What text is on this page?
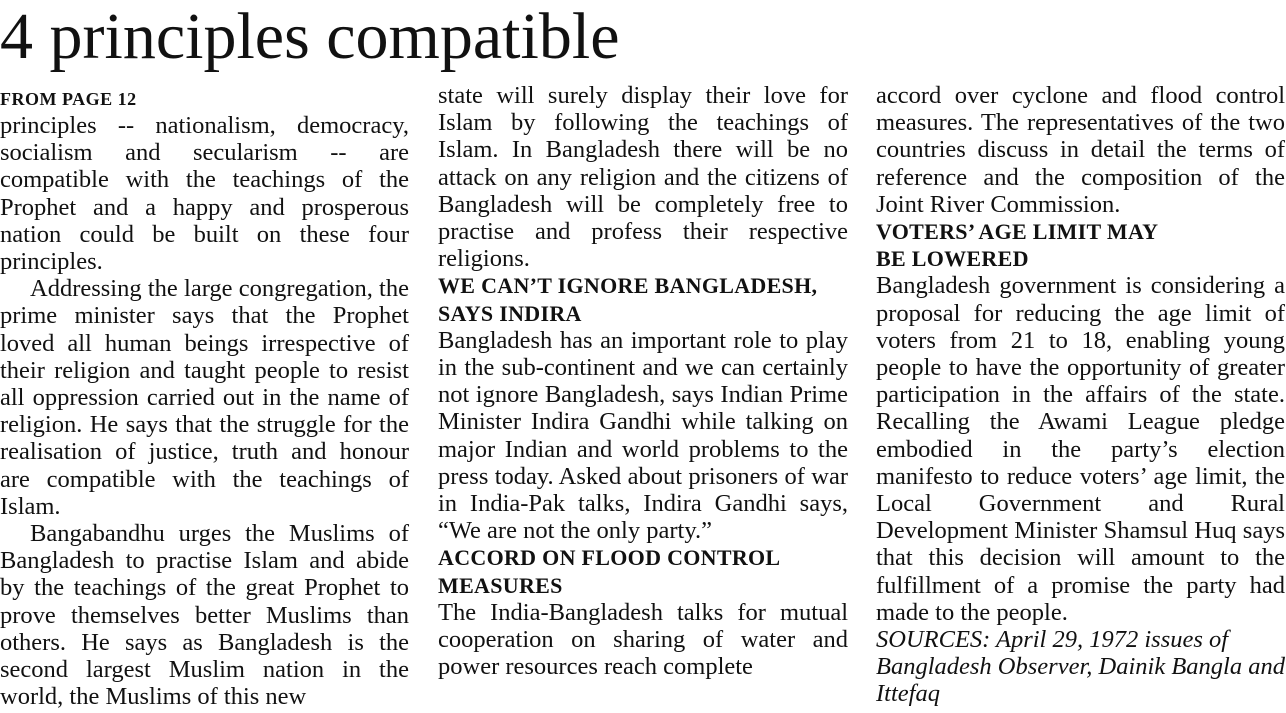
4 principles compatible
FROM PAGE 12

principles -- nationalism, democracy, socialism and secularism -- are compatible with the teachings of the Prophet and a happy and prosperous nation could be built on these four principles.

Addressing the large congregation, the prime minister says that the Prophet loved all human beings irrespective of their religion and taught people to resist all oppression carried out in the name of religion. He says that the struggle for the realisation of justice, truth and honour are compatible with the teachings of Islam.

Bangabandhu urges the Muslims of Bangladesh to practise Islam and abide by the teachings of the great Prophet to prove themselves better Muslims than others. He says as Bangladesh is the second largest Muslim nation in the world, the Muslims of this new

state will surely display their love for Islam by following the teachings of Islam. In Bangladesh there will be no attack on any religion and the citizens of Bangladesh will be completely free to practise and profess their respective religions.

WE CAN’T IGNORE BANGLADESH,
SAYS INDIRA

Bangladesh has an important role to play in the sub-continent and we can certainly not ignore Bangladesh, says Indian Prime Minister Indira Gandhi while talking on major Indian and world problems to the press today. Asked about prisoners of war in India-Pak talks, Indira Gandhi says, “We are not the only party.”

ACCORD ON FLOOD CONTROL
MEASURES

The India-Bangladesh talks for mutual cooperation on sharing of water and power resources reach complete

accord over cyclone and flood control measures. The representatives of the two countries discuss in detail the terms of reference and the composition of the Joint River Commission.

VOTERS’ AGE LIMIT MAY
BE LOWERED

Bangladesh government is considering a proposal for reducing the age limit of voters from 21 to 18, enabling young people to have the opportunity of greater participation in the affairs of the state. Recalling the Awami League pledge embodied in the party’s election manifesto to reduce voters’ age limit, the Local Government and Rural Development Minister Shamsul Huq says that this decision will amount to the fulfillment of a promise the party had made to the people.

SOURCES: April 29, 1972 issues of Bangladesh Observer, Dainik Bangla and Ittefaq
